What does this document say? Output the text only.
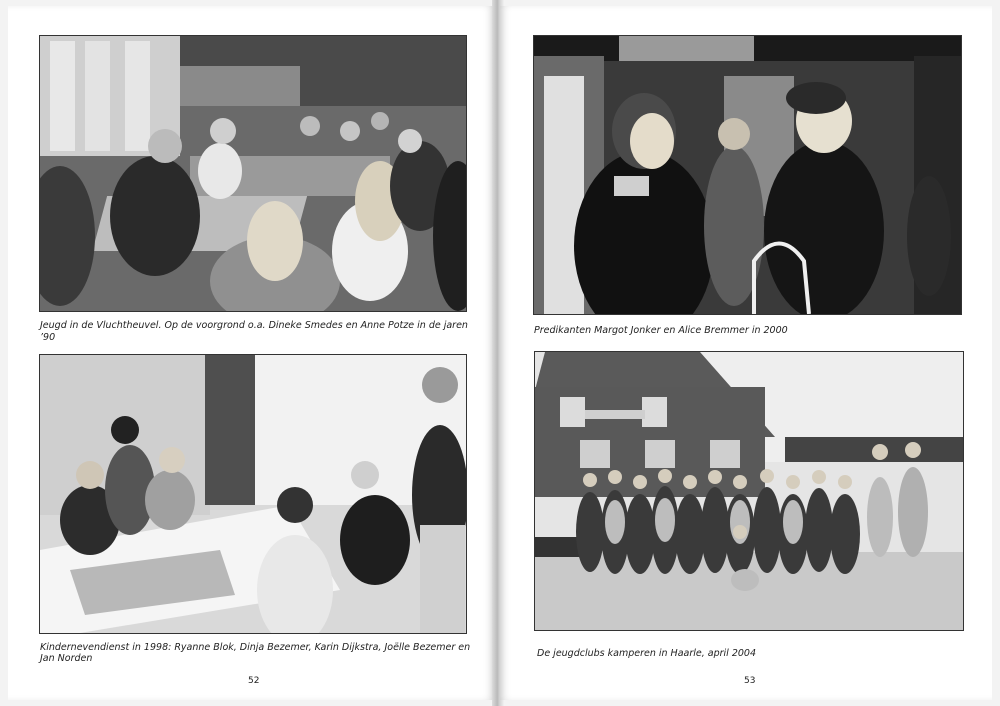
Jeugd in de Vluchtheuvel. Op de voorgrond o.a. Dineke Smedes en Anne Potze in de jaren ’90
Kindernevendienst in 1998: Ryanne Blok, Dinja Bezemer, Karin Dijkstra, Joëlle Bezemer en
Jan Norden
52
Predikanten Margot Jonker en Alice Bremmer in 2000
De jeugdclubs kamperen in Haarle, april 2004
53
